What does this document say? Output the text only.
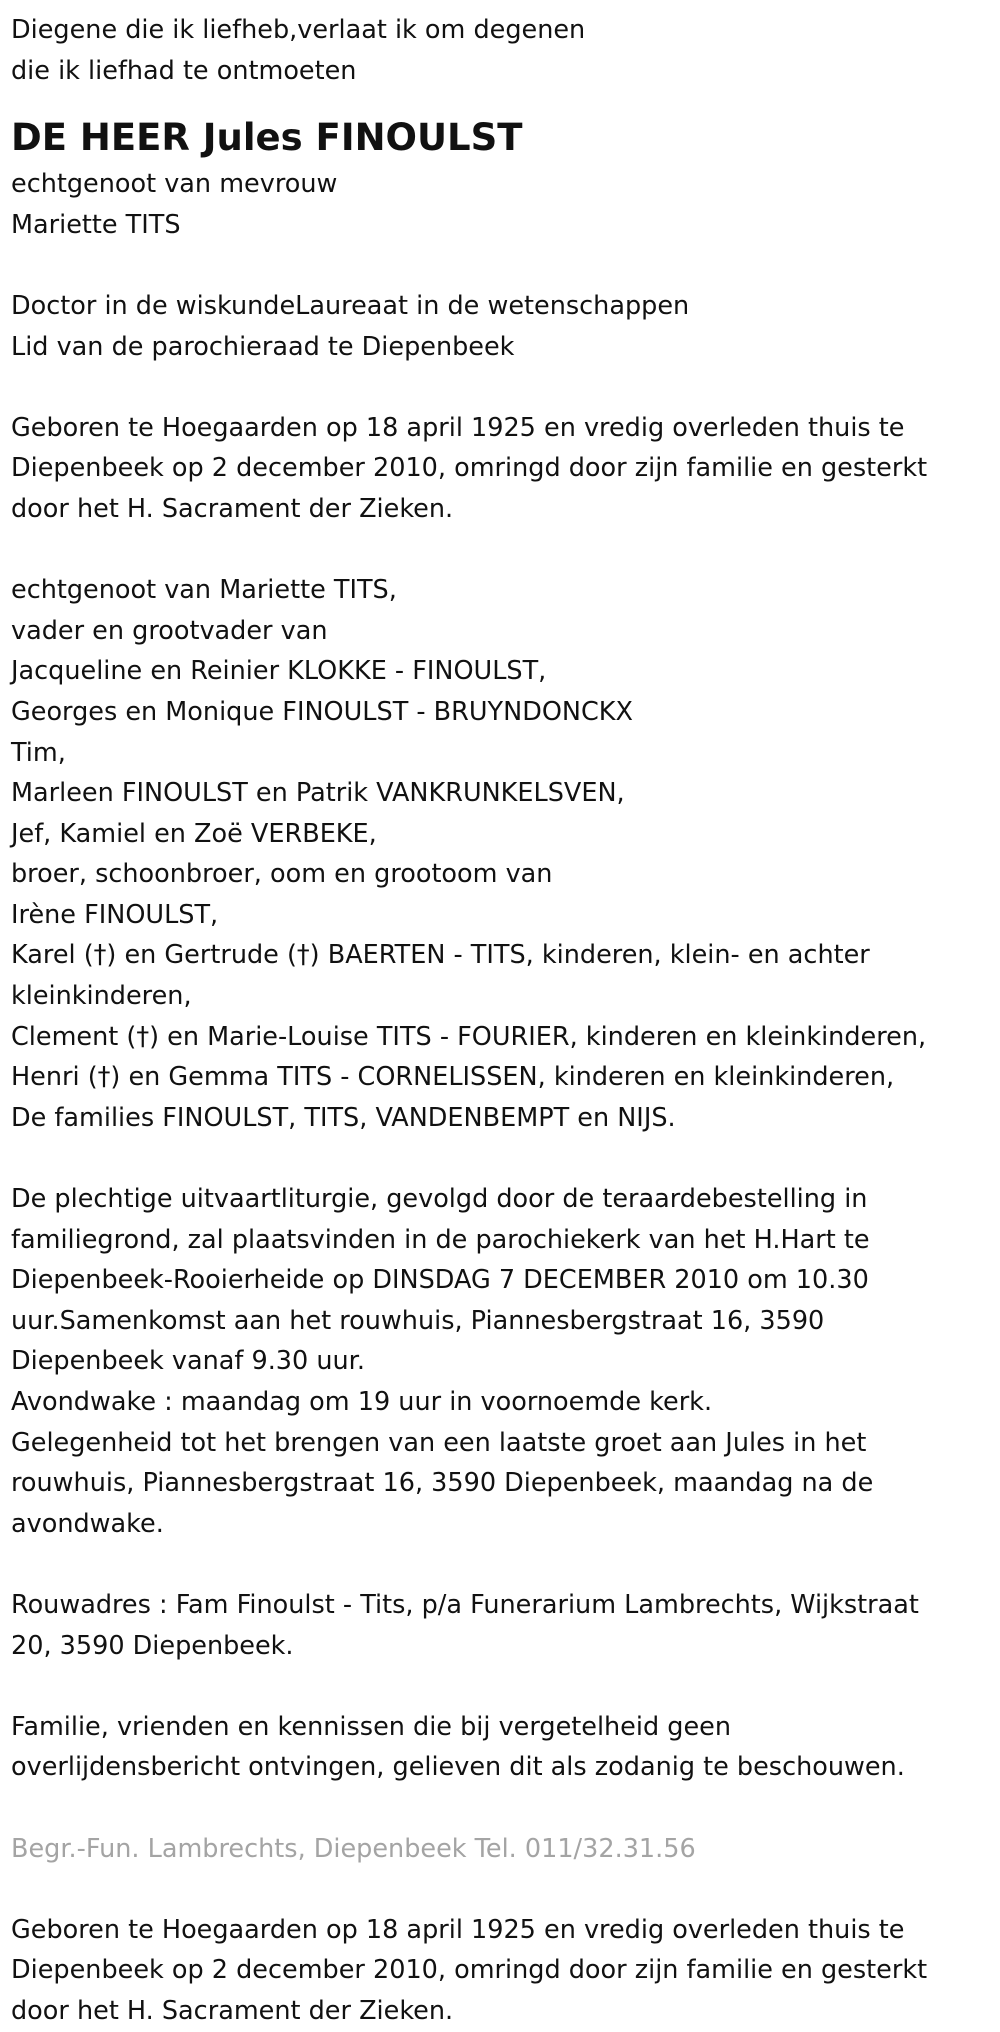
Diegene die ik liefheb,verlaat ik om degenen
die ik liefhad te ontmoeten
DE HEER Jules FINOULST
echtgenoot van mevrouw
Mariette TITS
Doctor in de wiskundeLaureaat in de wetenschappen
Lid van de parochieraad te Diepenbeek
Geboren te Hoegaarden op 18 april 1925 en vredig overleden thuis te
Diepenbeek op 2 december 2010, omringd door zijn familie en gesterkt
door het H. Sacrament der Zieken.
echtgenoot van Mariette TITS,
vader en grootvader van
Jacqueline en Reinier KLOKKE - FINOULST,
Georges en Monique FINOULST - BRUYNDONCKX
Tim,
Marleen FINOULST en Patrik VANKRUNKELSVEN,
Jef, Kamiel en Zoë VERBEKE,
broer, schoonbroer, oom en grootoom van
Irène FINOULST,
Karel (†) en Gertrude (†) BAERTEN - TITS, kinderen, klein- en achter
kleinkinderen,
Clement (†) en Marie-Louise TITS - FOURIER, kinderen en kleinkinderen,
Henri (†) en Gemma TITS - CORNELISSEN, kinderen en kleinkinderen,
De families FINOULST, TITS, VANDENBEMPT en NIJS.
De plechtige uitvaartliturgie, gevolgd door de teraardebestelling in
familiegrond, zal plaatsvinden in de parochiekerk van het H.Hart te
Diepenbeek-Rooierheide op DINSDAG 7 DECEMBER 2010 om 10.30
uur.Samenkomst aan het rouwhuis, Piannesbergstraat 16, 3590
Diepenbeek vanaf 9.30 uur.
Avondwake : maandag om 19 uur in voornoemde kerk.
Gelegenheid tot het brengen van een laatste groet aan Jules in het
rouwhuis, Piannesbergstraat 16, 3590 Diepenbeek, maandag na de
avondwake.
Rouwadres : Fam Finoulst - Tits, p/a Funerarium Lambrechts, Wijkstraat
20, 3590 Diepenbeek.
Familie, vrienden en kennissen die bij vergetelheid geen
overlijdensbericht ontvingen, gelieven dit als zodanig te beschouwen.
Begr.-Fun. Lambrechts, Diepenbeek Tel. 011/32.31.56
Geboren te Hoegaarden op 18 april 1925 en vredig overleden thuis te
Diepenbeek op 2 december 2010, omringd door zijn familie en gesterkt
door het H. Sacrament der Zieken.
